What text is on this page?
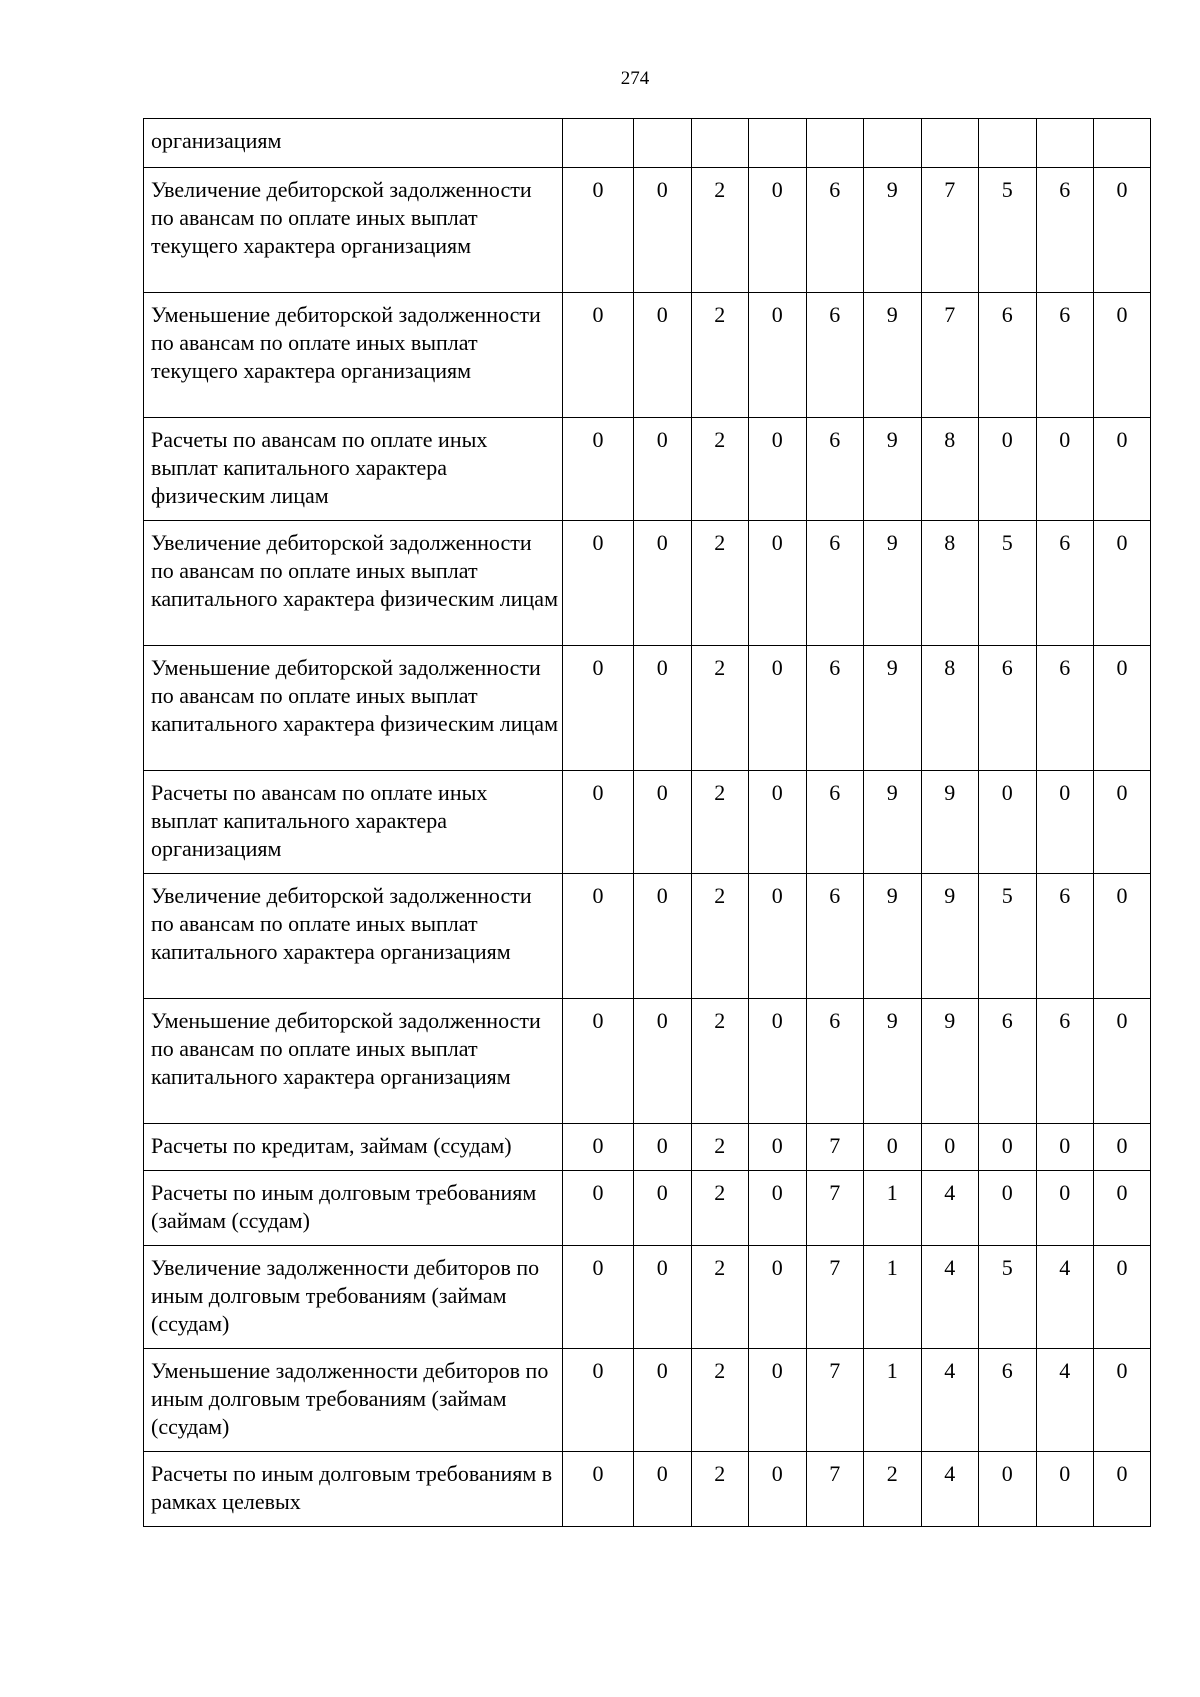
274
организациям										
Увеличение дебиторской задолженности по авансам по оплате иных выплат текущего характера организациям	0	0	2	0	6	9	7	5	6	0
Уменьшение дебиторской задолженности по авансам по оплате иных выплат текущего характера организациям	0	0	2	0	6	9	7	6	6	0
Расчеты по авансам по оплате иных выплат капитального характера физическим лицам	0	0	2	0	6	9	8	0	0	0
Увеличение дебиторской задолженности по авансам по оплате иных выплат капитального характера физическим лицам	0	0	2	0	6	9	8	5	6	0
Уменьшение дебиторской задолженности по авансам по оплате иных выплат капитального характера физическим лицам	0	0	2	0	6	9	8	6	6	0
Расчеты по авансам по оплате иных выплат капитального характера организациям	0	0	2	0	6	9	9	0	0	0
Увеличение дебиторской задолженности по авансам по оплате иных выплат капитального характера организациям	0	0	2	0	6	9	9	5	6	0
Уменьшение дебиторской задолженности по авансам по оплате иных выплат капитального характера организациям	0	0	2	0	6	9	9	6	6	0
Расчеты по кредитам, займам (ссудам)	0	0	2	0	7	0	0	0	0	0
Расчеты по иным долговым требованиям (займам (ссудам)	0	0	2	0	7	1	4	0	0	0
Увеличение задолженности дебиторов по иным долговым требованиям (займам (ссудам)	0	0	2	0	7	1	4	5	4	0
Уменьшение задолженности дебиторов по иным долговым требованиям (займам (ссудам)	0	0	2	0	7	1	4	6	4	0
Расчеты по иным долговым требованиям в рамках целевых	0	0	2	0	7	2	4	0	0	0
